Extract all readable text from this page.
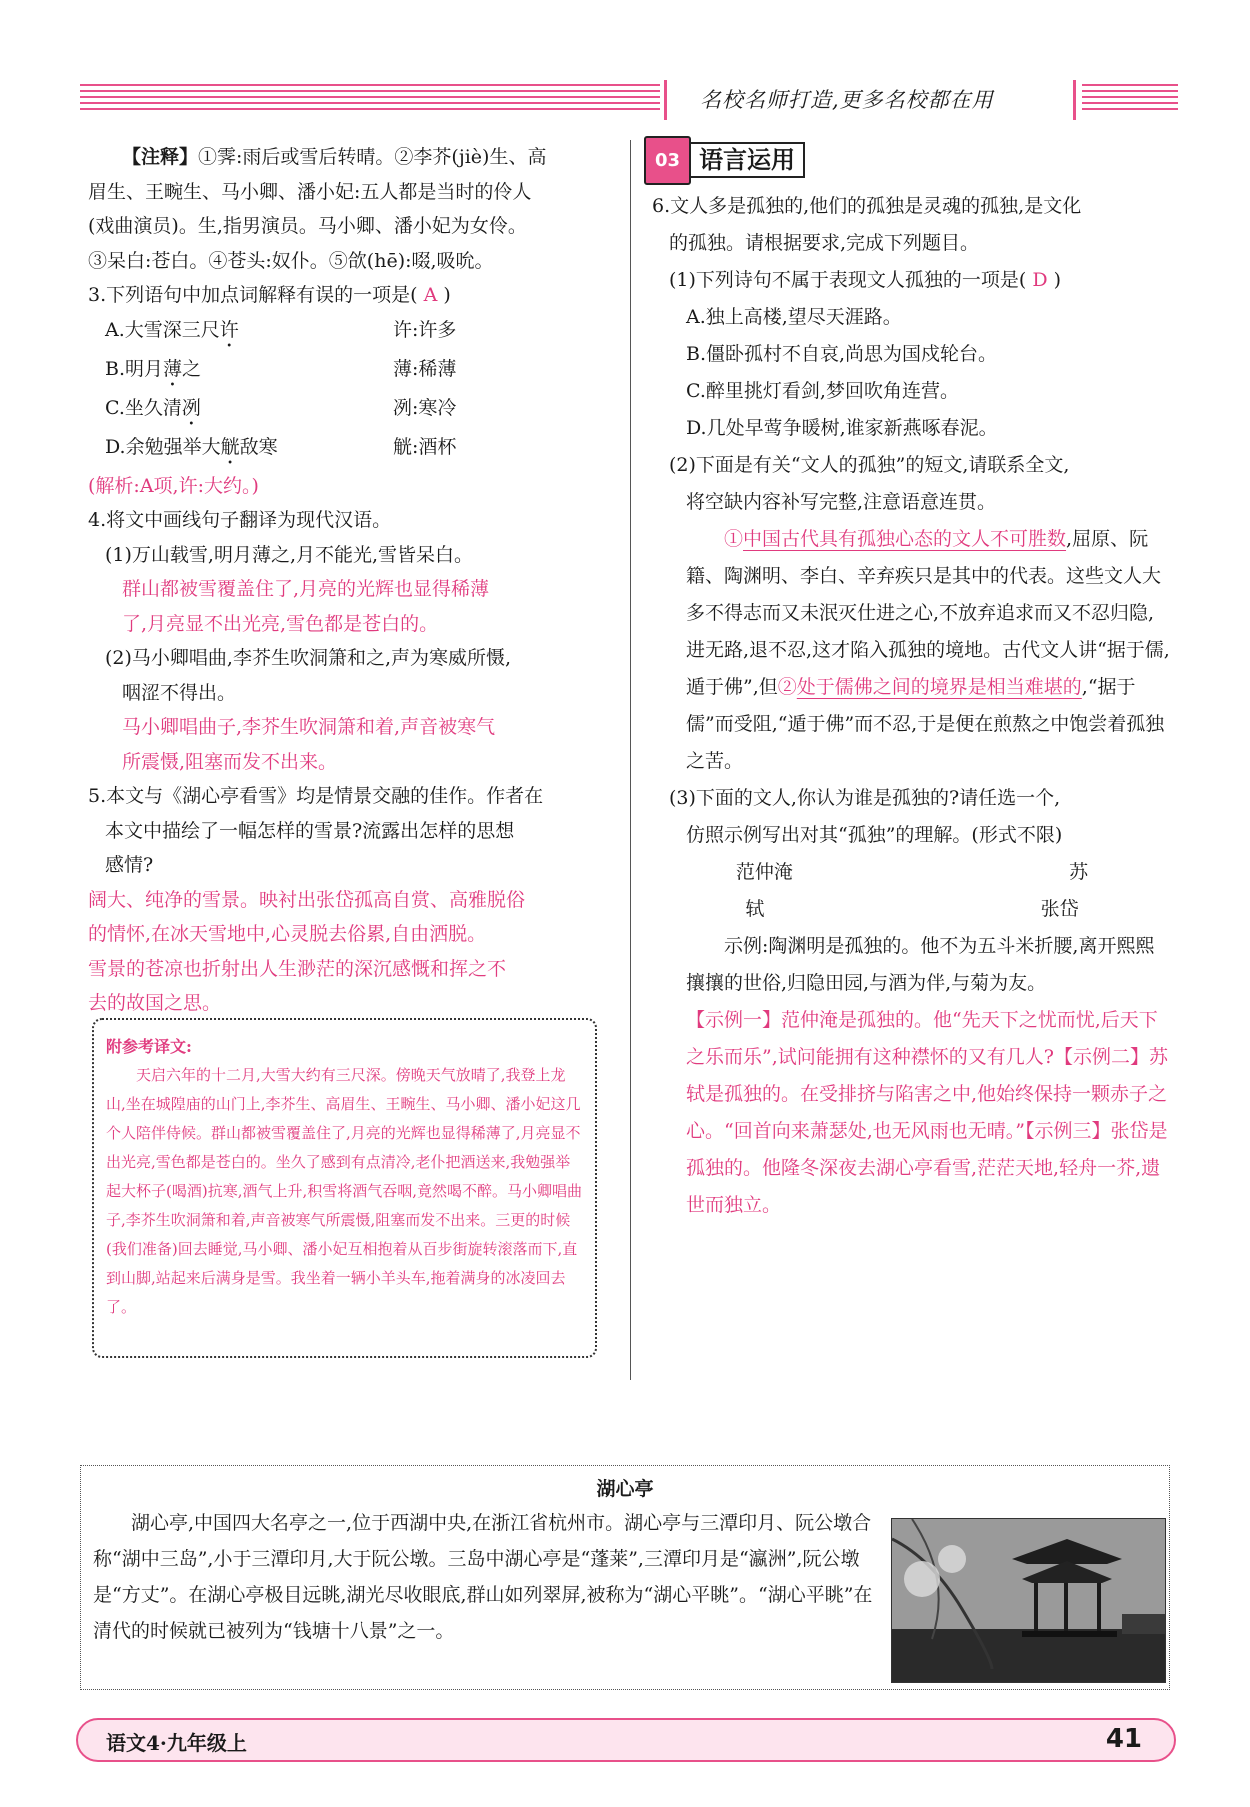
名校名师打造,更多名校都在用
【注释】①霁:雨后或雪后转晴。②李芥(jiè)生、高
眉生、王畹生、马小卿、潘小妃:五人都是当时的伶人
(戏曲演员)。生,指男演员。马小卿、潘小妃为女伶。
③呆白:苍白。④苍头:奴仆。⑤欱(hē):啜,吸吮。
3.下列语句中加点词解释有误的一项是( A )
A.大雪深三尺许	许:许多
B.明月薄之	薄:稀薄
C.坐久清冽	冽:寒冷
D.余勉强举大觥敌寒	觥:酒杯
(解析:A项,许:大约。)
4.将文中画线句子翻译为现代汉语。
(1)万山载雪,明月薄之,月不能光,雪皆呆白。
群山都被雪覆盖住了,月亮的光辉也显得稀薄
了,月亮显不出光亮,雪色都是苍白的。
(2)马小卿唱曲,李芥生吹洞箫和之,声为寒威所慑,
咽涩不得出。
马小卿唱曲子,李芥生吹洞箫和着,声音被寒气
所震慑,阻塞而发不出来。
5.本文与《湖心亭看雪》均是情景交融的佳作。作者在
本文中描绘了一幅怎样的雪景?流露出怎样的思想
感情?
阔大、纯净的雪景。映衬出张岱孤高自赏、高雅脱俗
的情怀,在冰天雪地中,心灵脱去俗累,自由洒脱。
雪景的苍凉也折射出人生渺茫的深沉感慨和挥之不
去的故国之思。
附参考译文:
天启六年的十二月,大雪大约有三尺深。傍晚天气放晴了,我登上龙山,坐在城隍庙的山门上,李芥生、高眉生、王畹生、马小卿、潘小妃这几个人陪伴侍候。群山都被雪覆盖住了,月亮的光辉也显得稀薄了,月亮显不出光亮,雪色都是苍白的。坐久了感到有点清冷,老仆把酒送来,我勉强举起大杯子(喝酒)抗寒,酒气上升,积雪将酒气吞咽,竟然喝不醉。马小卿唱曲子,李芥生吹洞箫和着,声音被寒气所震慑,阻塞而发不出来。三更的时候(我们准备)回去睡觉,马小卿、潘小妃互相抱着从百步街旋转滚落而下,直到山脚,站起来后满身是雪。我坐着一辆小羊头车,拖着满身的冰凌回去了。
03 语言运用
6.文人多是孤独的,他们的孤独是灵魂的孤独,是文化
的孤独。请根据要求,完成下列题目。
(1)下列诗句不属于表现文人孤独的一项是( D )
A.独上高楼,望尽天涯路。
B.僵卧孤村不自哀,尚思为国戍轮台。
C.醉里挑灯看剑,梦回吹角连营。
D.几处早莺争暖树,谁家新燕啄春泥。
(2)下面是有关“文人的孤独”的短文,请联系全文,
将空缺内容补写完整,注意语意连贯。
①中国古代具有孤独心态的文人不可胜数,屈原、阮籍、陶渊明、李白、辛弃疾只是其中的代表。这些文人大多不得志而又未泯灭仕进之心,不放弃追求而又不忍归隐,进无路,退不忍,这才陷入孤独的境地。古代文人讲“据于儒,遁于佛”,但②处于儒佛之间的境界是相当难堪的,“据于儒”而受阻,“遁于佛”而不忍,于是便在煎熬之中饱尝着孤独之苦。
(3)下面的文人,你认为谁是孤独的?请任选一个,
仿照示例写出对其“孤独”的理解。(形式不限)
范仲淹	苏轼	张岱
示例:陶渊明是孤独的。他不为五斗米折腰,离开熙熙攘攘的世俗,归隐田园,与酒为伴,与菊为友。
【示例一】范仲淹是孤独的。他“先天下之忧而忧,后天下之乐而乐”,试问能拥有这种襟怀的又有几人?【示例二】苏轼是孤独的。在受排挤与陷害之中,他始终保持一颗赤子之心。“回首向来萧瑟处,也无风雨也无晴。”【示例三】张岱是孤独的。他隆冬深夜去湖心亭看雪,茫茫天地,轻舟一芥,遗世而独立。
湖心亭
湖心亭,中国四大名亭之一,位于西湖中央,在浙江省杭州市。湖心亭与三潭印月、阮公墩合称“湖中三岛”,小于三潭印月,大于阮公墩。三岛中湖心亭是“蓬莱”,三潭印月是“瀛洲”,阮公墩是“方丈”。在湖心亭极目远眺,湖光尽收眼底,群山如列翠屏,被称为“湖心平眺”。“湖心平眺”在清代的时候就已被列为“钱塘十八景”之一。
语文4·九年级上	41
